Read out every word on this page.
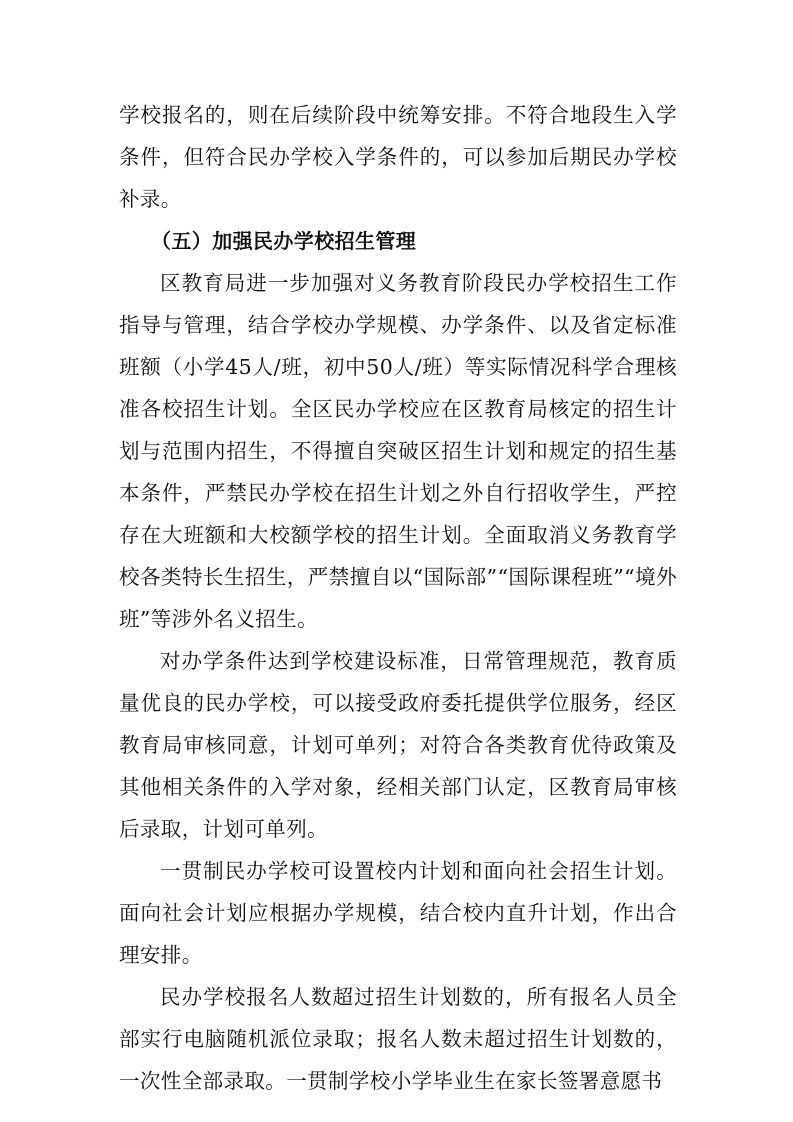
学校报名的，则在后续阶段中统筹安排。不符合地段生入学条件，但符合民办学校入学条件的，可以参加后期民办学校补录。

（五）加强民办学校招生管理

区教育局进一步加强对义务教育阶段民办学校招生工作指导与管理，结合学校办学规模、办学条件、以及省定标准班额（小学45人/班，初中50人/班）等实际情况科学合理核准各校招生计划。全区民办学校应在区教育局核定的招生计划与范围内招生，不得擅自突破区招生计划和规定的招生基本条件，严禁民办学校在招生计划之外自行招收学生，严控存在大班额和大校额学校的招生计划。全面取消义务教育学校各类特长生招生，严禁擅自以“国际部”“国际课程班”“境外班”等涉外名义招生。

对办学条件达到学校建设标准，日常管理规范，教育质量优良的民办学校，可以接受政府委托提供学位服务，经区教育局审核同意，计划可单列；对符合各类教育优待政策及其他相关条件的入学对象，经相关部门认定，区教育局审核后录取，计划可单列。

一贯制民办学校可设置校内计划和面向社会招生计划。面向社会计划应根据办学规模，结合校内直升计划，作出合理安排。

民办学校报名人数超过招生计划数的，所有报名人员全部实行电脑随机派位录取；报名人数未超过招生计划数的，一次性全部录取。一贯制学校小学毕业生在家长签署意愿书
